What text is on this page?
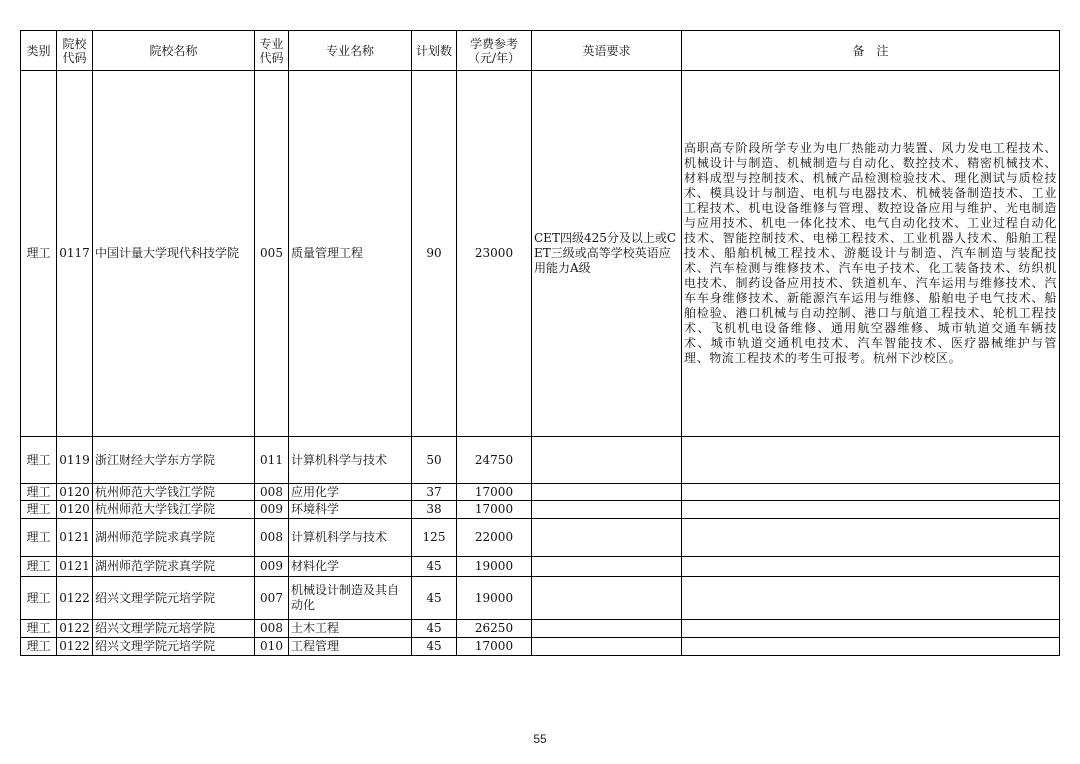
类别	院校代码	院校名称	专业代码	专业名称	计划数	学费参考（元/年）	英语要求	备　注
理工	0117	中国计量大学现代科技学院	005	质量管理工程	90	23000	CET四级425分及以上或CET三级或高等学校英语应用能力A级	高职高专阶段所学专业为电厂热能动力装置、风力发电工程技术、机械设计与制造、机械制造与自动化、数控技术、精密机械技术、材料成型与控制技术、机械产品检测检验技术、理化测试与质检技术、模具设计与制造、电机与电器技术、机械装备制造技术、工业工程技术、机电设备维修与管理、数控设备应用与维护、光电制造与应用技术、机电一体化技术、电气自动化技术、工业过程自动化技术、智能控制技术、电梯工程技术、工业机器人技术、船舶工程技术、船舶机械工程技术、游艇设计与制造、汽车制造与装配技术、汽车检测与维修技术、汽车电子技术、化工装备技术、纺织机电技术、制药设备应用技术、铁道机车、汽车运用与维修技术、汽车车身维修技术、新能源汽车运用与维修、船舶电子电气技术、船舶检验、港口机械与自动控制、港口与航道工程技术、轮机工程技术、飞机机电设备维修、通用航空器维修、城市轨道交通车辆技术、城市轨道交通机电技术、汽车智能技术、医疗器械维护与管理、物流工程技术的考生可报考。杭州下沙校区。
理工	0119	浙江财经大学东方学院	011	计算机科学与技术	50	24750		
理工	0120	杭州师范大学钱江学院	008	应用化学	37	17000		
理工	0120	杭州师范大学钱江学院	009	环境科学	38	17000		
理工	0121	湖州师范学院求真学院	008	计算机科学与技术	125	22000		
理工	0121	湖州师范学院求真学院	009	材料化学	45	19000		
理工	0122	绍兴文理学院元培学院	007	机械设计制造及其自动化	45	19000		
理工	0122	绍兴文理学院元培学院	008	土木工程	45	26250		
理工	0122	绍兴文理学院元培学院	010	工程管理	45	17000		
55
